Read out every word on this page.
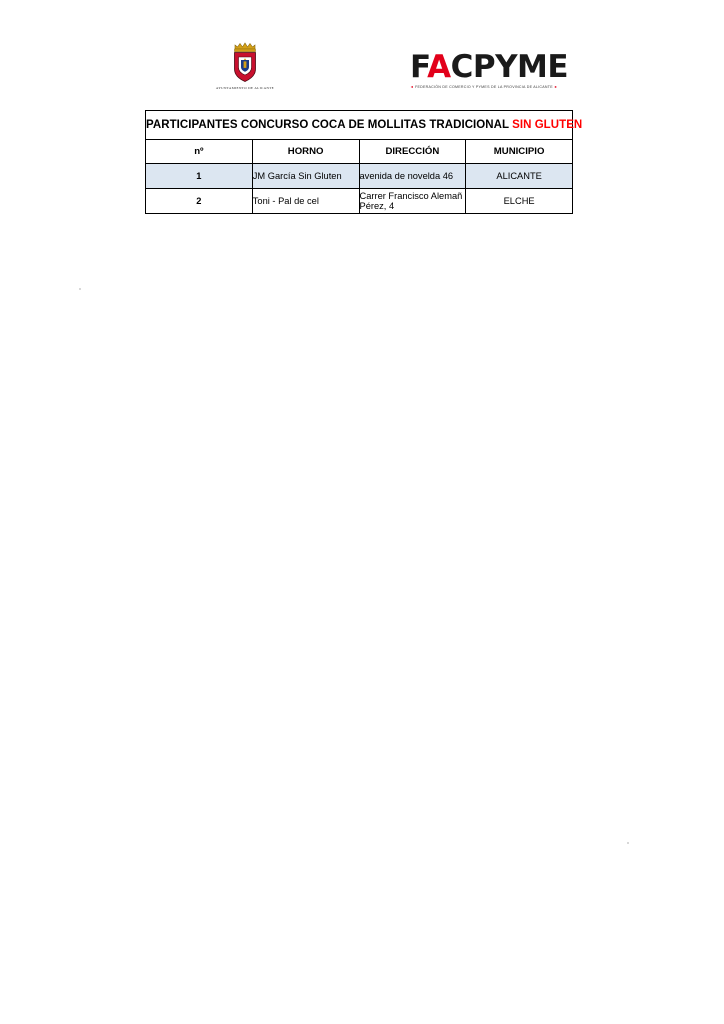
AYUNTAMIENTO DE ALICANTE
FACPYME
◄ FEDERACIÓN DE COMERCIO Y PYMES DE LA PROVINCIA DE ALICANTE ►
PARTICIPANTES CONCURSO COCA DE MOLLITAS TRADICIONAL SIN GLUTEN			
nº	HORNO	DIRECCIÓN	MUNICIPIO
1	JM García Sin Gluten	avenida de novelda 46	ALICANTE
2	Toni - Pal de cel	Carrer Francisco Alemañ Pérez, 4	ELCHE
